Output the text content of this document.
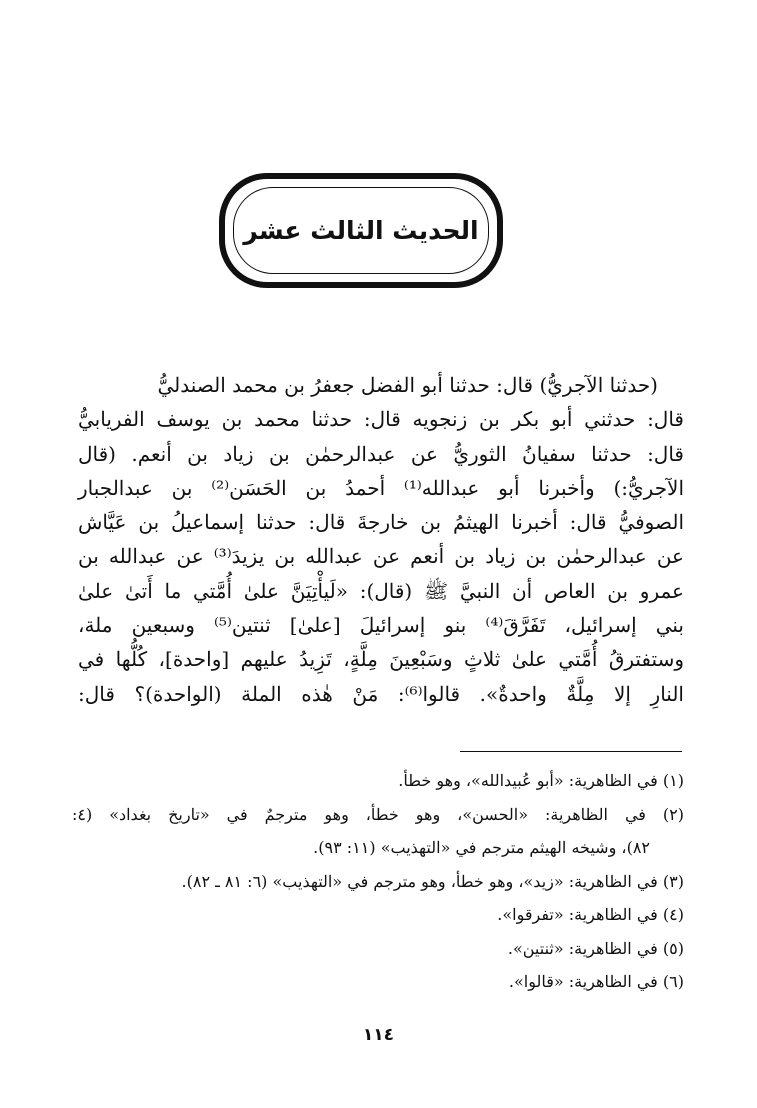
الحديث الثالث عشر
(حدثنا الآجريُّ) قال: حدثنا أبو الفضل جعفرُ بن محمد الصندليُّ
قال: حدثني أبو بكر بن زنجويه قال: حدثنا محمد بن يوسف الفريابيُّ
قال: حدثنا سفيانُ الثوريُّ عن عبدالرحمٰن بن زياد بن أنعم. (قال
الآجريُّ:) وأخبرنا أبو عبدالله⁽¹⁾ أحمدُ بن الحَسَن⁽²⁾ بن عبدالجبار
الصوفيُّ قال: أخبرنا الهيثمُ بن خارجةَ قال: حدثنا إسماعيلُ بن عَيَّاش
عن عبدالرحمٰن بن زياد بن أنعم عن عبدالله بن يزيدَ⁽³⁾ عن عبدالله بن
عمرو بن العاص أن النبيَّ ﷺ (قال): «لَيأْتِيَنَّ علىٰ أُمَّتي ما أَتىٰ علىٰ
بني إسرائيل، تَفَرَّقَ⁽⁴⁾ بنو إسرائيلَ [علىٰ] ثنتين⁽⁵⁾ وسبعين ملة،
وستفترقُ أُمَّتي علىٰ ثلاثٍ وسَبْعِينَ مِلَّةٍ، تَزِيدُ عليهم [واحدة]، كُلُّها في
النارِ إلا مِلَّةٌ واحدةٌ». قالوا⁽⁶⁾: مَنْ هٰذه الملة (الواحدة)؟ قال:
(١) في الظاهرية: «أبو عُبيدالله»، وهو خطأ.
(٢) في الظاهرية: «الحسن»، وهو خطأ، وهو مترجمٌ في «تاريخ بغداد» (٤:
٨٢)، وشيخه الهيثم مترجم في «التهذيب» (١١: ٩٣).
(٣) في الظاهرية: «زيد»، وهو خطأ، وهو مترجم في «التهذيب» (٦: ٨١ ـ ٨٢).
(٤) في الظاهرية: «تفرقوا».
(٥) في الظاهرية: «ثنتين».
(٦) في الظاهرية: «قالوا».
١١٤
